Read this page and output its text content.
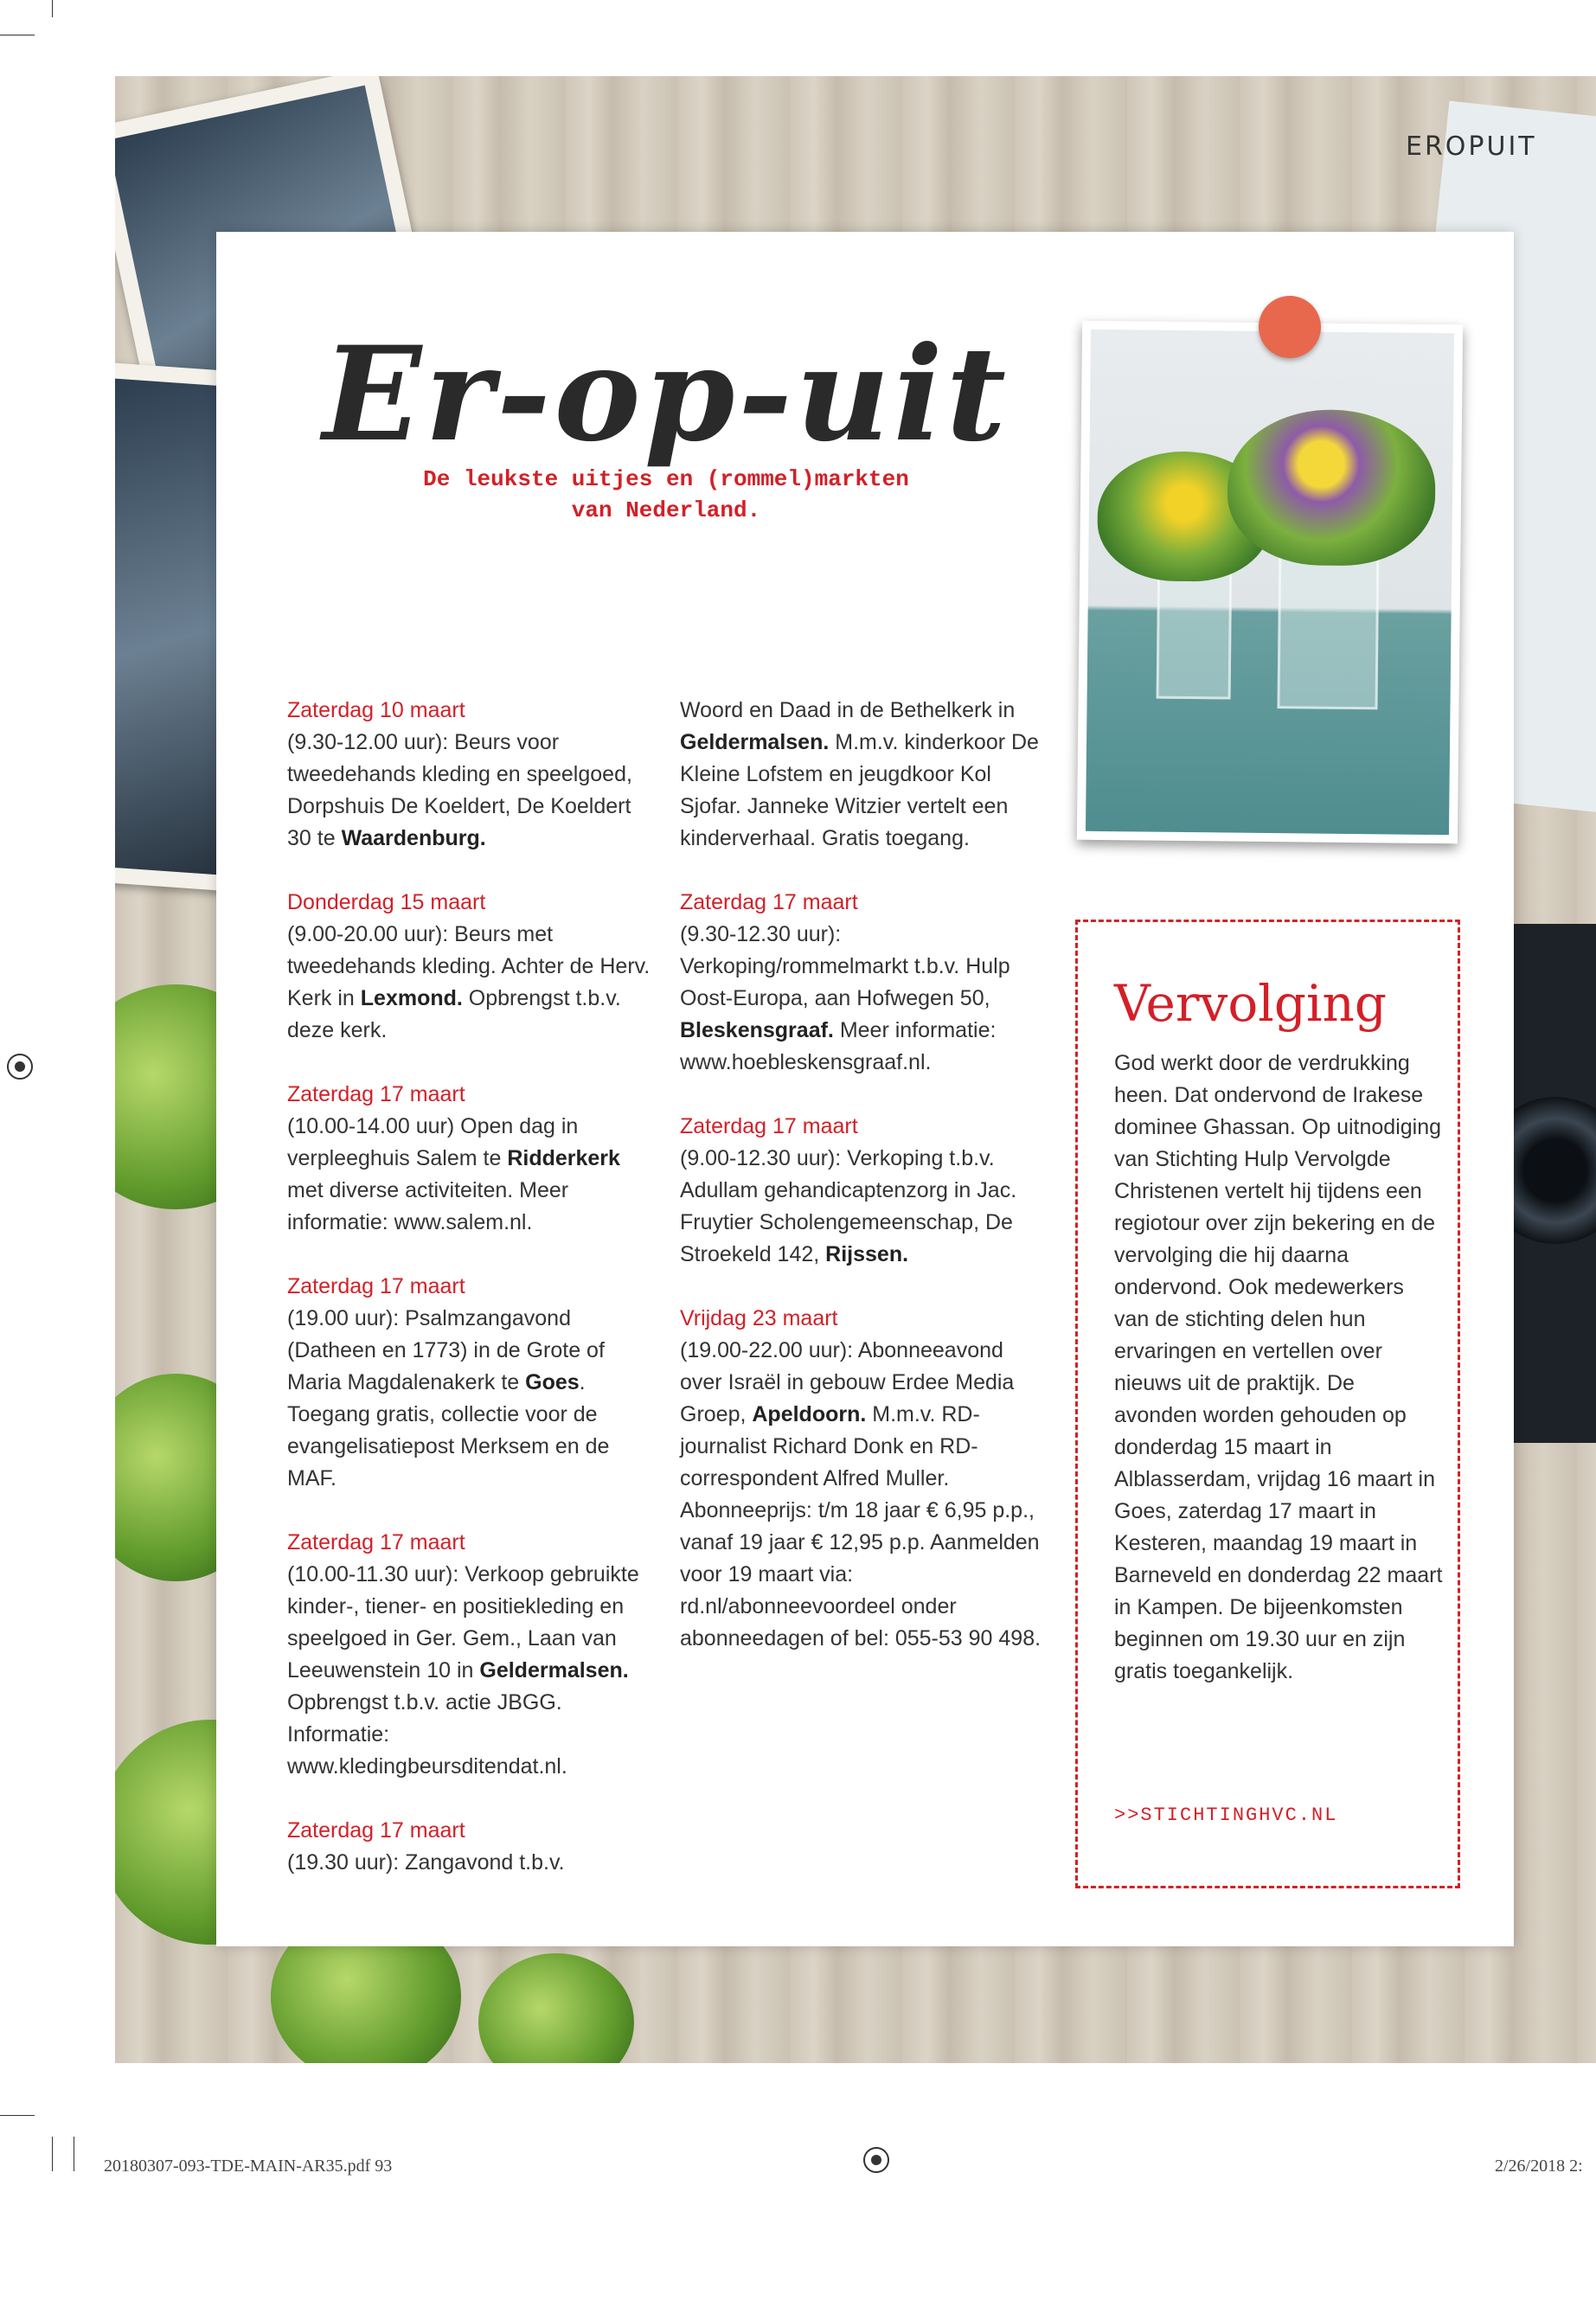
EROPUIT
Er-op-uit
De leukste uitjes en (rommel)markten
van Nederland.
Zaterdag 10 maart
(9.30-12.00 uur): Beurs voor tweedehands kleding en speelgoed, Dorpshuis De Koeldert, De Koeldert 30 te Waardenburg.
Donderdag 15 maart
(9.00-20.00 uur): Beurs met tweedehands kleding. Achter de Herv. Kerk in Lexmond. Opbrengst t.b.v. deze kerk.
Zaterdag 17 maart
(10.00-14.00 uur) Open dag in verpleeghuis Salem te Ridderkerk met diverse activiteiten. Meer informatie: www.salem.nl.
Zaterdag 17 maart
(19.00 uur): Psalmzangavond (Datheen en 1773) in de Grote of Maria Magdalenakerk te Goes. Toegang gratis, collectie voor de evangelisatiepost Merksem en de MAF.
Zaterdag 17 maart
(10.00-11.30 uur): Verkoop gebruikte kinder-, tiener- en positiekleding en speelgoed in Ger. Gem., Laan van Leeuwenstein 10 in Geldermalsen. Opbrengst t.b.v. actie JBGG. Informatie: www.kledingbeursditendat.nl.
Zaterdag 17 maart
(19.30 uur): Zangavond t.b.v.
Woord en Daad in de Bethelkerk in Geldermalsen. M.m.v. kinderkoor De Kleine Lofstem en jeugdkoor Kol Sjofar. Janneke Witzier vertelt een kinderverhaal. Gratis toegang.
Zaterdag 17 maart
(9.30-12.30 uur): Verkoping/rommelmarkt t.b.v. Hulp Oost-Europa, aan Hofwegen 50, Bleskensgraaf. Meer informatie: www.hoebleskensgraaf.nl.
Zaterdag 17 maart
(9.00-12.30 uur): Verkoping t.b.v. Adullam gehandicaptenzorg in Jac. Fruytier Scholengemeenschap, De Stroekeld 142, Rijssen.
Vrijdag 23 maart
(19.00-22.00 uur): Abonneeavond over Israël in gebouw Erdee Media Groep, Apeldoorn. M.m.v. RD-journalist Richard Donk en RD-correspondent Alfred Muller. Abonneeprijs: t/m 18 jaar € 6,95 p.p., vanaf 19 jaar € 12,95 p.p. Aanmelden voor 19 maart via: rd.nl/abonneevoordeel onder abonneedagen of bel: 055-53 90 498.
Vervolging

God werkt door de verdrukking heen. Dat ondervond de Irakese dominee Ghassan. Op uitnodiging van Stichting Hulp Vervolgde Christenen vertelt hij tijdens een regiotour over zijn bekering en de vervolging die hij daarna ondervond. Ook medewerkers van de stichting delen hun ervaringen en vertellen over nieuws uit de praktijk. De avonden worden gehouden op donderdag 15 maart in Alblasserdam, vrijdag 16 maart in Goes, zaterdag 17 maart in Kesteren, maandag 19 maart in Barneveld en donderdag 22 maart in Kampen. De bijeenkomsten beginnen om 19.30 uur en zijn gratis toegankelijk.

>>STICHTINGHVC.NL
20180307-093-TDE-MAIN-AR35.pdf 93	2/26/2018 2:
